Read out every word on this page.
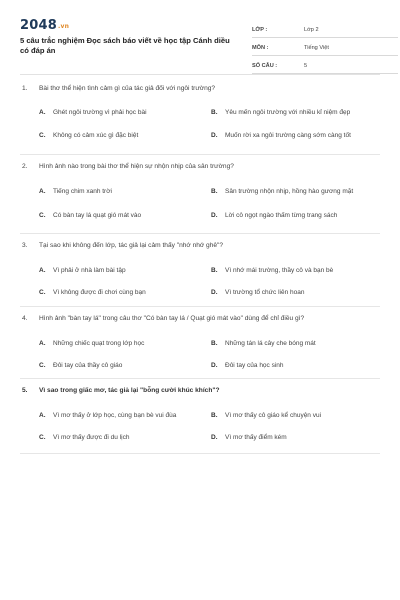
2048.vn
5 câu trắc nghiệm Đọc sách báo viết về học tập Cánh diều có đáp án
LỚP :	Lớp 2
MÔN :	Tiếng Việt
SỐ CÂU :	5
1. Bài thơ thể hiện tình cảm gì của tác giả đối với ngôi trường?
A.	Ghét ngôi trường vì phải học bài	B.	Yêu mến ngôi trường với nhiều kỉ niệm đẹp
C.	Không có cảm xúc gì đặc biệt	D.	Muốn rời xa ngôi trường càng sớm càng tốt
2. Hình ảnh nào trong bài thơ thể hiện sự nhộn nhịp của sân trường?
A.	Tiếng chim xanh trời	B.	Sân trường nhộn nhịp, hồng hào gương mặt
C.	Có bàn tay lá quạt gió mát vào	D.	Lời cô ngọt ngào thấm từng trang sách
3. Tại sao khi không đến lớp, tác giả lại cảm thấy "nhớ nhớ ghê"?
A.	Vì phải ở nhà làm bài tập	B.	Vì nhớ mái trường, thầy cô và bạn bè
C.	Vì không được đi chơi cùng bạn	D.	Vì trường tổ chức liên hoan
4. Hình ảnh "bàn tay lá" trong câu thơ "Có bàn tay lá / Quạt gió mát vào" dùng để chỉ điều gì?
A.	Những chiếc quạt trong lớp học	B.	Những tán lá cây che bóng mát
C.	Đôi tay của thầy cô giáo	D.	Đôi tay của học sinh
5. Vì sao trong giấc mơ, tác giả lại "bỗng cười khúc khích"?
A.	Vì mơ thấy ở lớp học, cùng bạn bè vui đùa	B.	Vì mơ thấy cô giáo kể chuyện vui
C.	Vì mơ thấy được đi du lịch	D.	Vì mơ thấy điểm kém
